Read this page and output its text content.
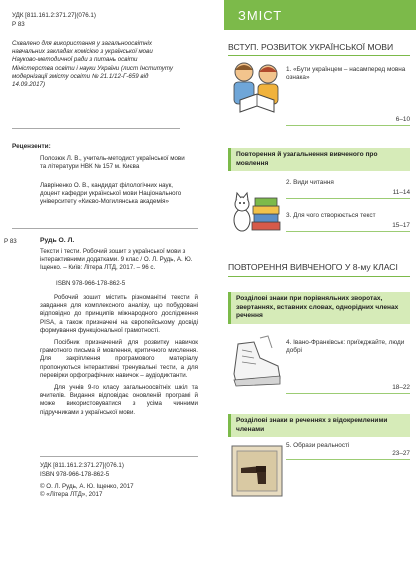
УДК [811.161.2:371.27](076.1)
Р 83
Схвалено для використання у загальноосвітніх навчальних закладах комісією з української мови Науково-методичної ради з питань освіти Міністерства освіти і науки України (лист Інституту модернізації змісту освіти № 21.1/12-Г-659 від 14.09.2017)
Рецензенти:
Полозюк Л. В., учитель-методист української мови та літератури НВК № 157 м. Києва
Лавріненко О. В., кандидат філологічних наук, доцент кафедри української мови Національного університету «Києво-Могилянська академія»
Р 83	Рудь О. Л.
Тексти і тести. Робочий зошит з української мови з інтерактивними додатками. 9 клас / О. Л. Рудь, А. Ю. Іщенко. – Київ: Літера ЛТД, 2017. – 96 с.
ISBN 978-966-178-862-5
Робочий зошит містить різноманітні тексти й завдання для комплексного аналізу, що побудовані відповідно до принципів міжнародного дослідження PISA, а також призначені на європейському досвіді формування функціональної грамотності.
Посібник призначений для розвитку навичок грамотного письма й мовлення, критичного мислення. Для закріплення програмового матеріалу пропонуються інтерактивні тренувальні тести, а для перевірки орфографічних навичок – аудіодиктанти.
Для учнів 9-го класу загальноосвітніх шкіл та вчителів. Видання відповідає оновленій програмі й може використовуватися з усіма чинними підручниками з української мови.
УДК [811.161.2:371.27](076.1)
ISBN 978-966-178-862-5
© О. Л. Рудь, А. Ю. Іщенко, 2017
© «Літера ЛТД», 2017
ЗМІСТ
ВСТУП. РОЗВИТОК УКРАЇНСЬКОЇ МОВИ
1. «Бути українцем – насамперед мовна ознака»
6–10
Повторення й узагальнення вивченого про мовлення
2. Види читання
11–14
3. Для чого створюється текст
15–17
ПОВТОРЕННЯ ВИВЧЕНОГО У 8-му КЛАСІ
Розділові знаки при порівняльних зворотах, звертаннях, вставних словах, однорідних членах речення
4. Івано-Франківськ: приїжджайте, люди добрі
18–22
Розділові знаки в реченнях з відокремленими членами
5. Образи реальності
23–27
